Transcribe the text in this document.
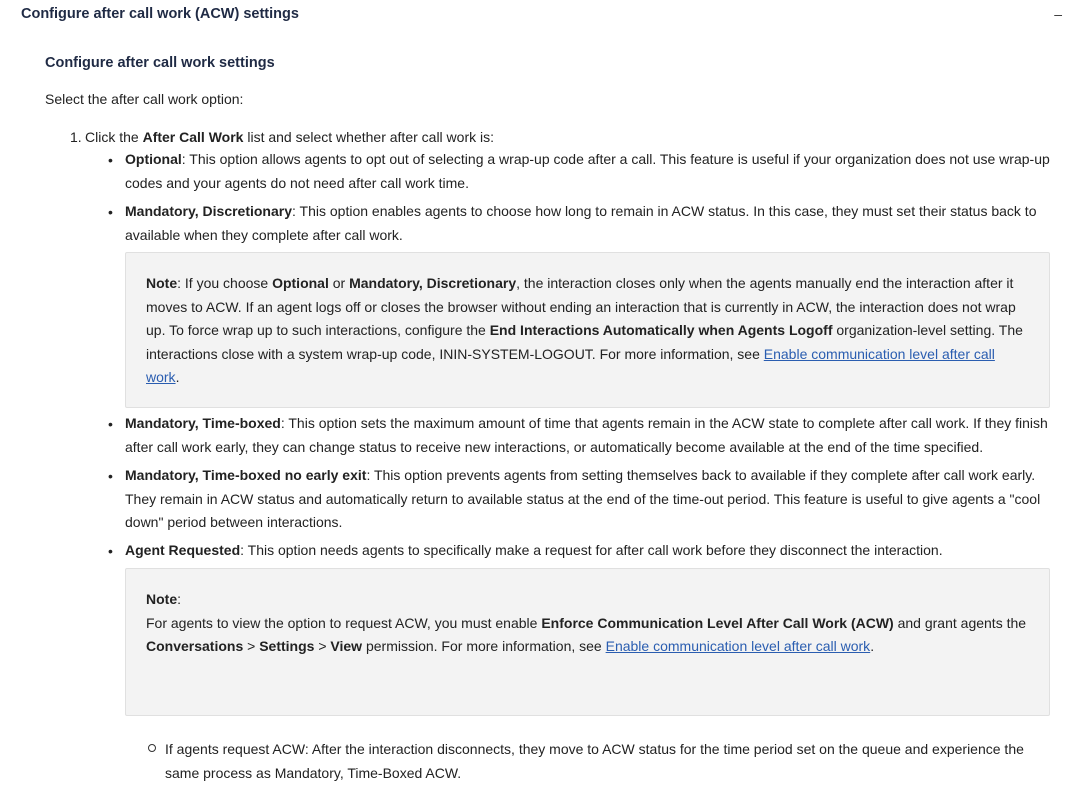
Configure after call work (ACW) settings	–
Configure after call work settings
Select the after call work option:
1. Click the After Call Work list and select whether after call work is:
• Optional: This option allows agents to opt out of selecting a wrap-up code after a call. This feature is useful if your organization does not use wrap-up
codes and your agents do not need after call work time.
• Mandatory, Discretionary: This option enables agents to choose how long to remain in ACW status. In this case, they must set their status back to
available when they complete after call work.
Note: If you choose Optional or Mandatory, Discretionary, the interaction closes only when the agents manually end the interaction after it
moves to ACW. If an agent logs off or closes the browser without ending an interaction that is currently in ACW, the interaction does not wrap
up. To force wrap up to such interactions, configure the End Interactions Automatically when Agents Logoff organization-level setting. The
interactions close with a system wrap-up code, ININ-SYSTEM-LOGOUT. For more information, see Enable communication level after call
work.
• Mandatory, Time-boxed: This option sets the maximum amount of time that agents remain in the ACW state to complete after call work. If they finish
after call work early, they can change status to receive new interactions, or automatically become available at the end of the time specified.
• Mandatory, Time-boxed no early exit: This option prevents agents from setting themselves back to available if they complete after call work early.
They remain in ACW status and automatically return to available status at the end of the time-out period. This feature is useful to give agents a "cool
down" period between interactions.
• Agent Requested: This option needs agents to specifically make a request for after call work before they disconnect the interaction.
Note:
For agents to view the option to request ACW, you must enable Enforce Communication Level After Call Work (ACW) and grant agents the
Conversations > Settings > View permission. For more information, see Enable communication level after call work.
If agents request ACW: After the interaction disconnects, they move to ACW status for the time period set on the queue and experience the
same process as Mandatory, Time-Boxed ACW.
